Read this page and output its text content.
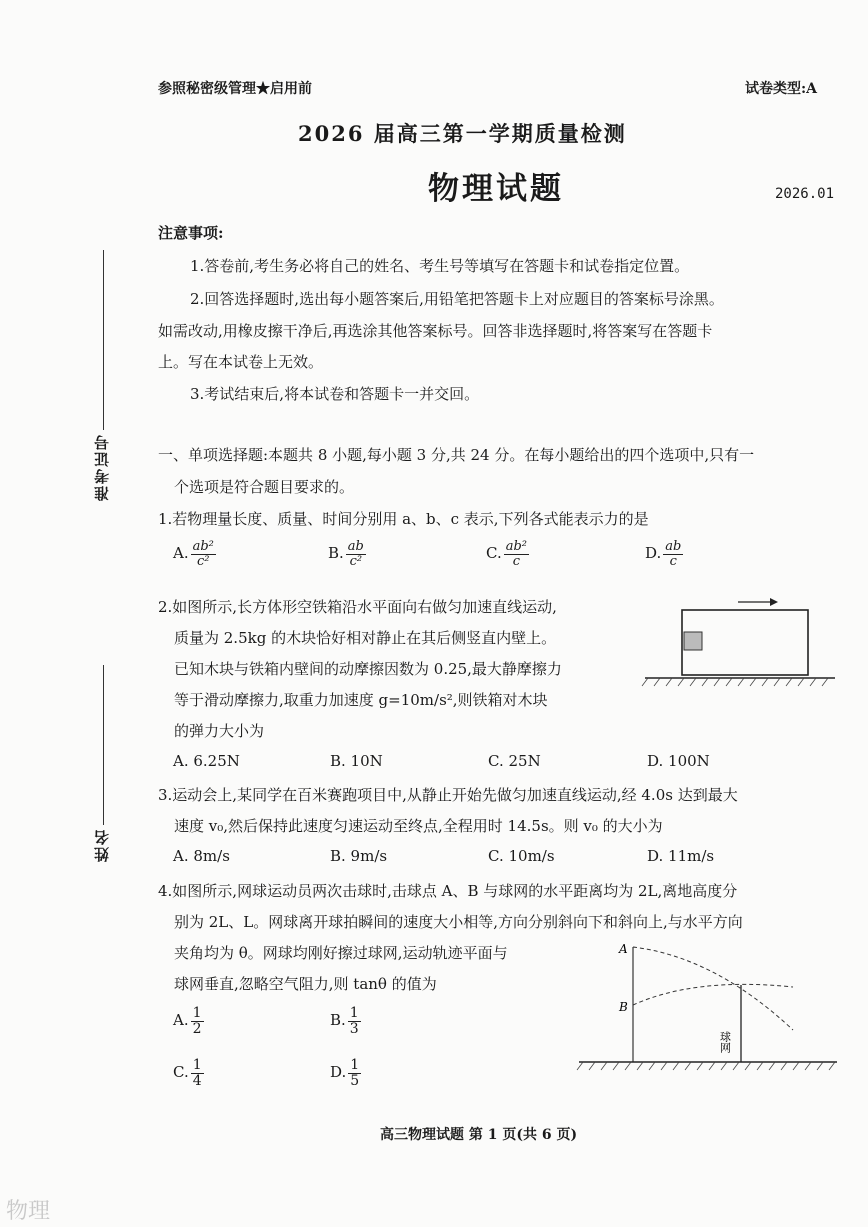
参照秘密级管理★启用前	试卷类型:A
2026 届高三第一学期质量检测
物理试题	2026.01
注意事项:
1.答卷前,考生务必将自己的姓名、考生号等填写在答题卡和试卷指定位置。
2.回答选择题时,选出每小题答案后,用铅笔把答题卡上对应题目的答案标号涂黑。
如需改动,用橡皮擦干净后,再选涂其他答案标号。回答非选择题时,将答案写在答题卡
上。写在本试卷上无效。
3.考试结束后,将本试卷和答题卡一并交回。
准考证号
姓名
一、单项选择题:本题共 8 小题,每小题 3 分,共 24 分。在每小题给出的四个选项中,只有一
个选项是符合题目要求的。
1.若物理量长度、质量、时间分别用 a、b、c 表示,下列各式能表示力的是
A. $\frac{\text{ab²}}{\text{c²}}$	B. $\frac{ab}{\text{c²}}$	C. $\frac{\text{ab²}}{c}$	D. $\frac{ab}{c}$
2.如图所示,长方体形空铁箱沿水平面向右做匀加速直线运动,
质量为 2.5kg 的木块恰好相对静止在其后侧竖直内壁上。
已知木块与铁箱内壁间的动摩擦因数为 0.25,最大静摩擦力
等于滑动摩擦力,取重力加速度 g=10m/s²,则铁箱对木块
的弹力大小为
A. 6.25N	B. 10N	C. 25N	D. 100N
3.运动会上,某同学在百米赛跑项目中,从静止开始先做匀加速直线运动,经 4.0s 达到最大
速度 v₀,然后保持此速度匀速运动至终点,全程用时 14.5s。则 v₀ 的大小为
A. 8m/s	B. 9m/s	C. 10m/s	D. 11m/s
4.如图所示,网球运动员两次击球时,击球点 A、B 与球网的水平距离均为 2L,离地高度分
别为 2L、L。网球离开球拍瞬间的速度大小相等,方向分别斜向下和斜向上,与水平方向
夹角均为 θ。网球均刚好擦过球网,运动轨迹平面与
球网垂直,忽略空气阻力,则 tanθ 的值为
A. $\frac{1}{2}$	B. $\frac{1}{3}$
C. $\frac{1}{4}$	D. $\frac{1}{5}$
A
B
球网
高三物理试题 第 1 页(共 6 页)
物理
